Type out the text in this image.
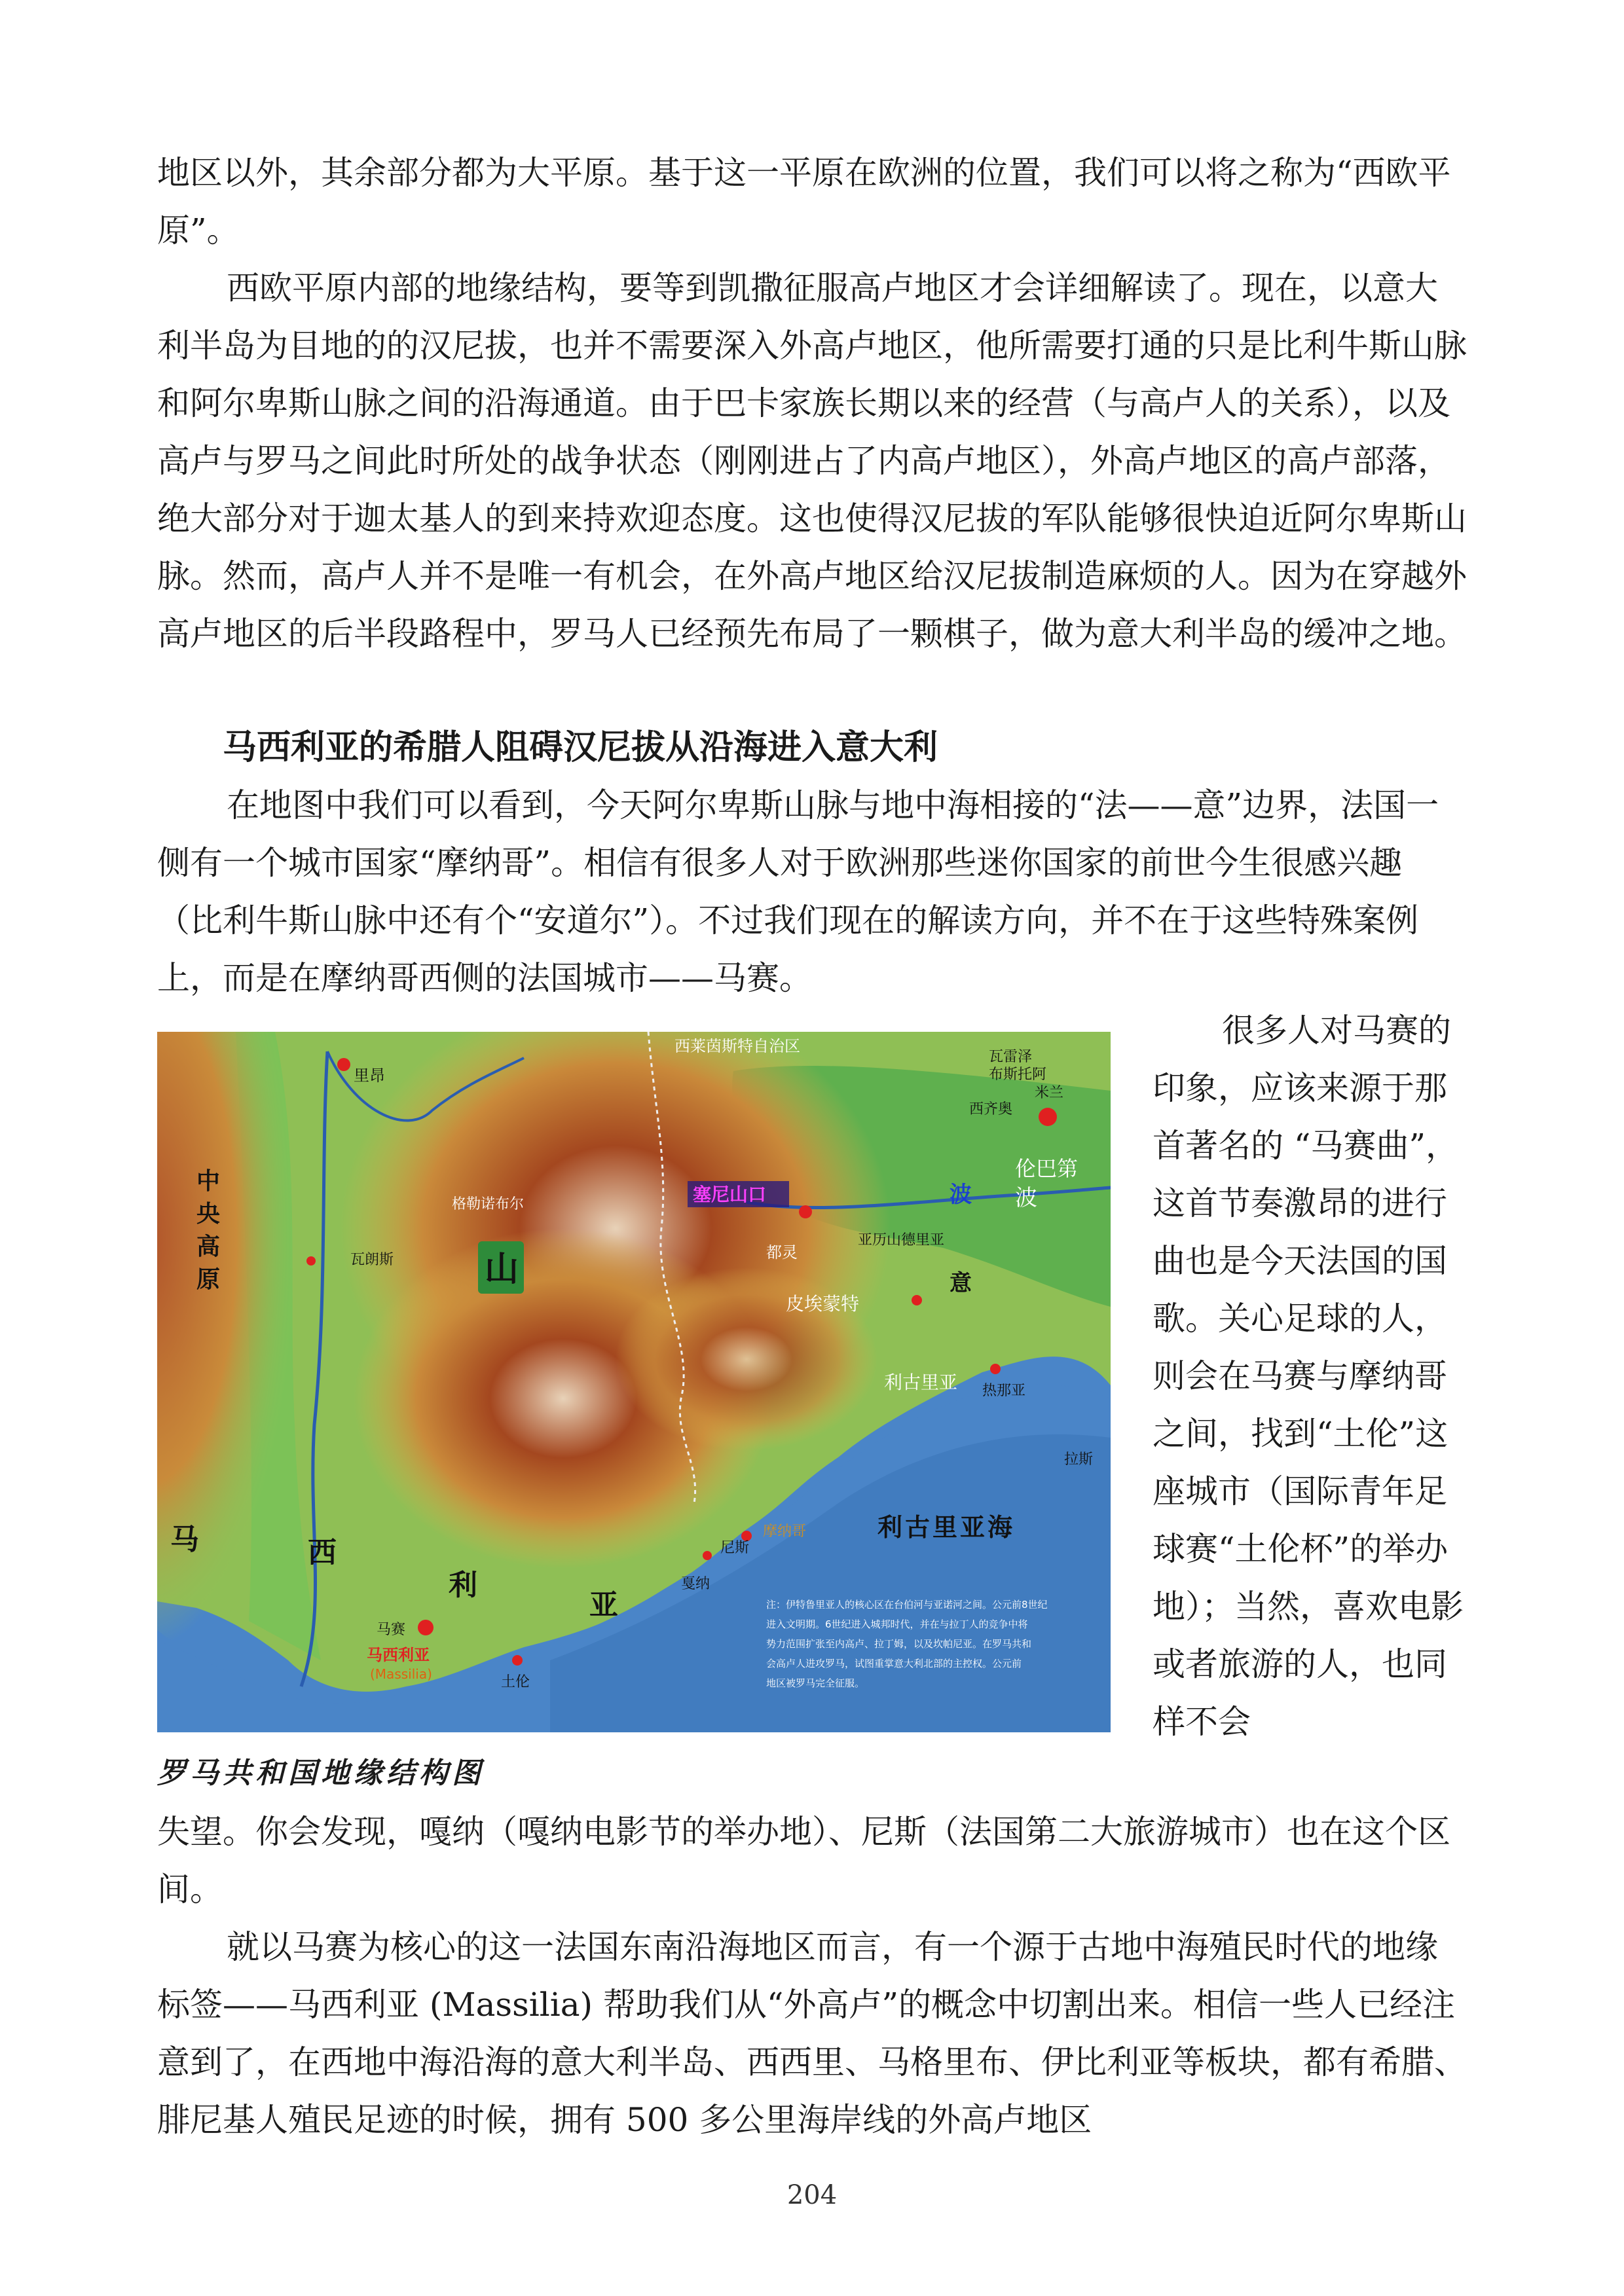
地区以外，其余部分都为大平原。基于这一平原在欧洲的位置，我们可以将之称为“西欧平原”。

西欧平原内部的地缘结构，要等到凯撒征服高卢地区才会详细解读了。现在，以意大利半岛为目地的的汉尼拔，也并不需要深入外高卢地区，他所需要打通的只是比利牛斯山脉和阿尔卑斯山脉之间的沿海通道。由于巴卡家族长期以来的经营（与高卢人的关系），以及高卢与罗马之间此时所处的战争状态（刚刚进占了内高卢地区），外高卢地区的高卢部落，绝大部分对于迦太基人的到来持欢迎态度。这也使得汉尼拔的军队能够很快迫近阿尔卑斯山脉。然而，高卢人并不是唯一有机会，在外高卢地区给汉尼拔制造麻烦的人。因为在穿越外高卢地区的后半段路程中，罗马人已经预先布局了一颗棋子，做为意大利半岛的缓冲之地。

马西利亚的希腊人阻碍汉尼拔从沿海进入意大利

在地图中我们可以看到，今天阿尔卑斯山脉与地中海相接的“法——意”边界，法国一侧有一个城市国家“摩纳哥”。相信有很多人对于欧洲那些迷你国家的前世今生很感兴趣（比利牛斯山脉中还有个“安道尔”）。不过我们现在的解读方向，并不在于这些特殊案例上，而是在摩纳哥西侧的法国城市——马赛。

西莱茵斯特自治区
里昂
中
央
高
原
格勒诺布尔
瓦朗斯	山
塞尼山口
都灵
皮埃蒙特
亚历山德里亚
利古里亚 热那亚
瓦雷泽
布斯托阿
米兰
西齐奥
伦巴第
波 波
意
拉斯
利古里亚海
尼斯
摩纳哥
戛纳
马赛
马西利亚
(Massilia)	土伦
马	西
利
亚	注：伊特鲁里亚人的核心区在台伯河与亚诺河之间。公元前8世纪
进入文明期。6世纪进入城邦时代，并在与拉丁人的竞争中将
势力范围扩张至内高卢、拉丁姆，以及坎帕尼亚。在罗马共和
会高卢人进攻罗马，试图重掌意大利北部的主控权。公元前
地区被罗马完全征服。
罗马共和国地缘结构图

很多人对马赛的印象，应该来源于那首著名的 “马赛曲”，这首节奏激昂的进行曲也是今天法国的国歌。关心足球的人，则会在马赛与摩纳哥之间，找到“土伦”这座城市（国际青年足球赛“土伦杯”的举办地）；当然，喜欢电影或者旅游的人，也同样不会

失望。你会发现，嘎纳（嘎纳电影节的举办地）、尼斯（法国第二大旅游城市）也在这个区间。

就以马赛为核心的这一法国东南沿海地区而言，有一个源于古地中海殖民时代的地缘标签——马西利亚 (Massilia) 帮助我们从“外高卢”的概念中切割出来。相信一些人已经注意到了，在西地中海沿海的意大利半岛、西西里、马格里布、伊比利亚等板块，都有希腊、腓尼基人殖民足迹的时候，拥有 500 多公里海岸线的外高卢地区

204
